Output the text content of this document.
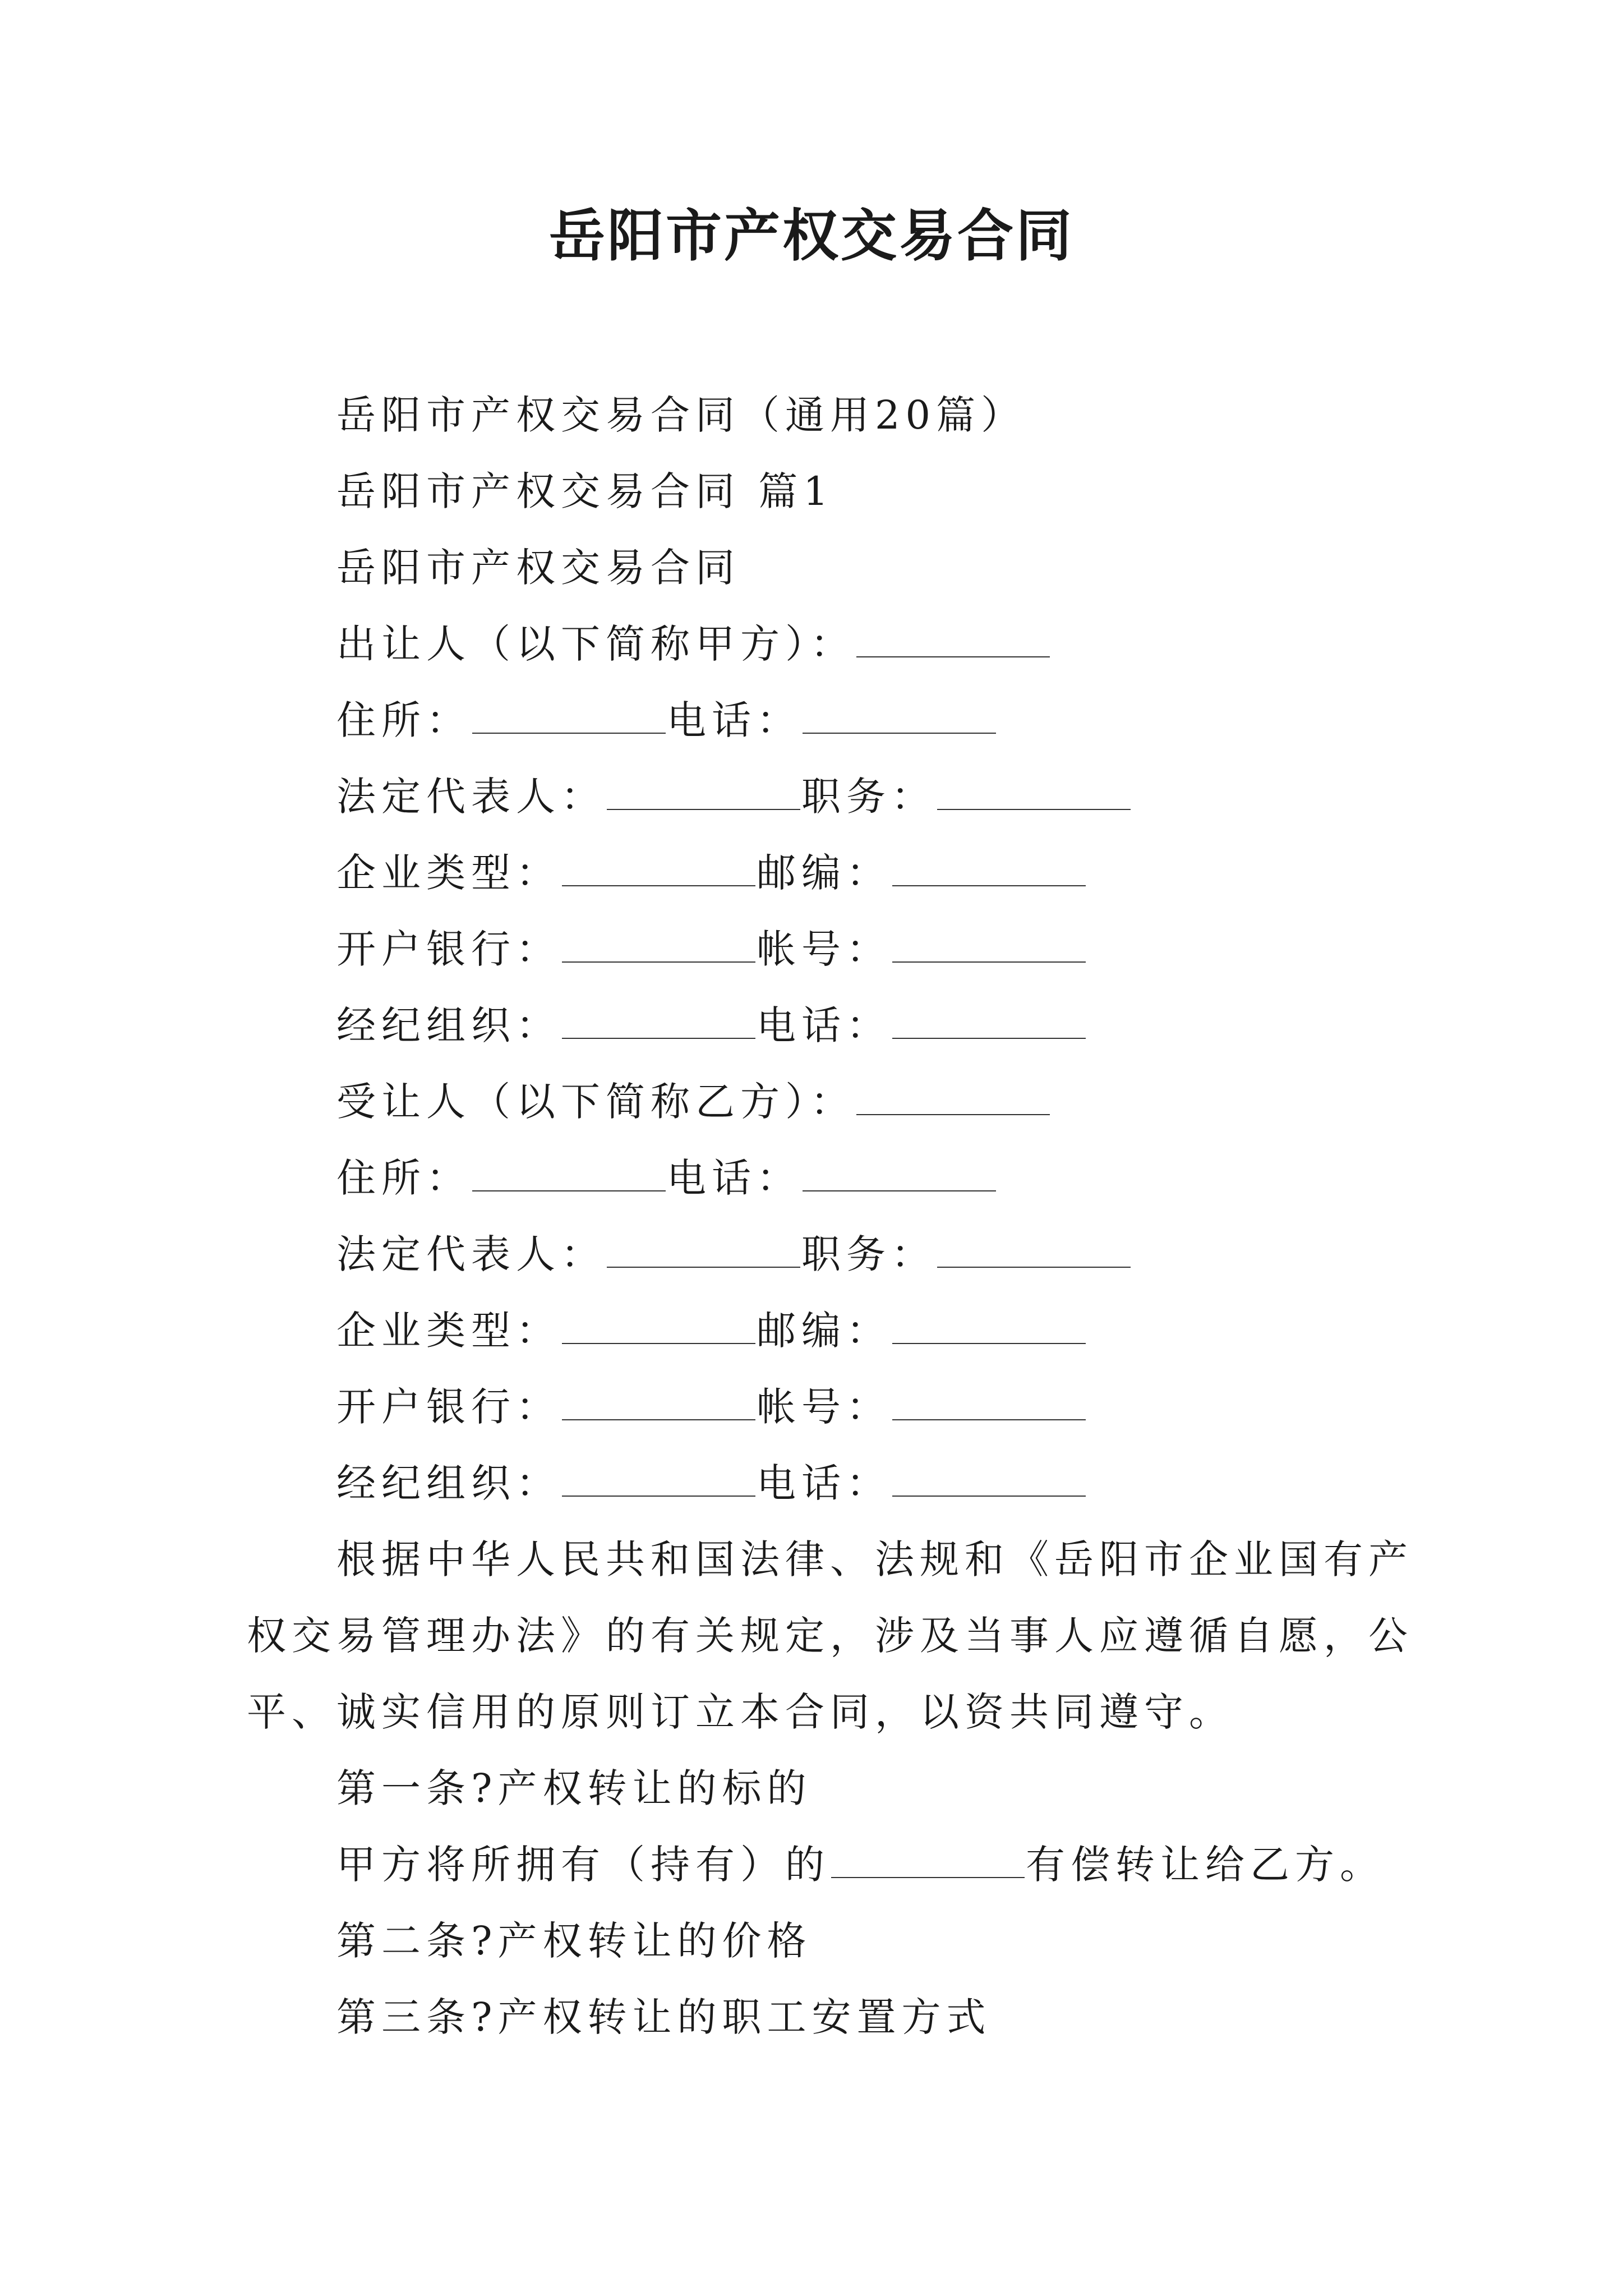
岳阳市产权交易合同
岳阳市产权交易合同（通用20篇）
岳阳市产权交易合同 篇1
岳阳市产权交易合同
出让人（以下简称甲方）：
住所：	电话：
法定代表人：	职务：
企业类型：	邮编：
开户银行：	帐号：
经纪组织：	电话：
受让人（以下简称乙方）：
住所：	电话：
法定代表人：	职务：
企业类型：	邮编：
开户银行：	帐号：
经纪组织：	电话：
根据中华人民共和国法律、法规和《岳阳市企业国有产
权交易管理办法》的有关规定，涉及当事人应遵循自愿，公
平、诚实信用的原则订立本合同，以资共同遵守。
第一条?产权转让的标的
甲方将所拥有（持有）的	有偿转让给乙方。
第二条?产权转让的价格
第三条?产权转让的职工安置方式
